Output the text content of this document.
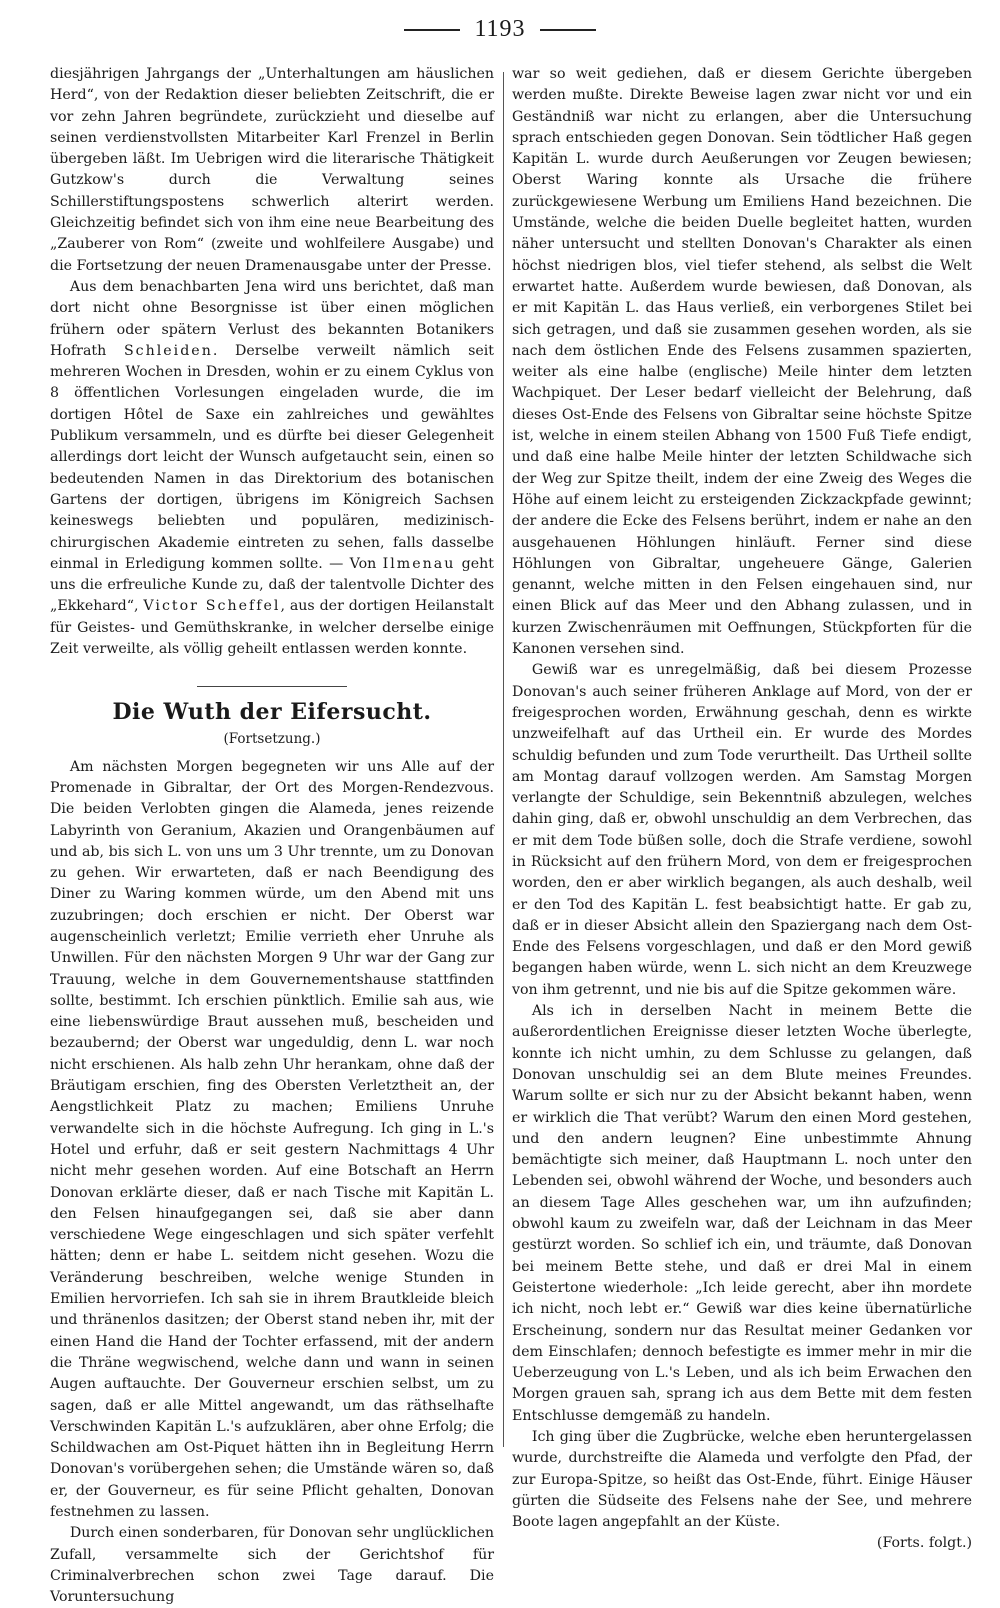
1193

diesjährigen Jahrgangs der „Unterhaltungen am häuslichen Herd“, von der Redaktion dieser beliebten Zeitschrift, die er vor zehn Jahren begründete, zurückzieht und dieselbe auf seinen verdienstvollsten Mitarbeiter Karl Frenzel in Berlin übergeben läßt. Im Uebrigen wird die literarische Thätigkeit Gutzkow's durch die Verwaltung seines Schillerstiftungspostens schwerlich alterirt werden. Gleichzeitig befindet sich von ihm eine neue Bearbeitung des „Zauberer von Rom“ (zweite und wohlfeilere Ausgabe) und die Fortsetzung der neuen Dramenausgabe unter der Presse.

Aus dem benachbarten Jena wird uns berichtet, daß man dort nicht ohne Besorgnisse ist über einen möglichen frühern oder spätern Verlust des bekannten Botanikers Hofrath Schleiden. Derselbe verweilt nämlich seit mehreren Wochen in Dresden, wohin er zu einem Cyklus von 8 öffentlichen Vorlesungen eingeladen wurde, die im dortigen Hôtel de Saxe ein zahlreiches und gewähltes Publikum versammeln, und es dürfte bei dieser Gelegenheit allerdings dort leicht der Wunsch aufgetaucht sein, einen so bedeutenden Namen in das Direktorium des botanischen Gartens der dortigen, übrigens im Königreich Sachsen keineswegs beliebten und populären, medizinisch-chirurgischen Akademie eintreten zu sehen, falls dasselbe einmal in Erledigung kommen sollte. — Von Ilmenau geht uns die erfreuliche Kunde zu, daß der talentvolle Dichter des „Ekkehard“, Victor Scheffel, aus der dortigen Heilanstalt für Geistes- und Gemüthskranke, in welcher derselbe einige Zeit verweilte, als völlig geheilt entlassen werden konnte.

Die Wuth der Eifersucht.
(Fortsetzung.)

Am nächsten Morgen begegneten wir uns Alle auf der Promenade in Gibraltar, der Ort des Morgen-Rendezvous. Die beiden Verlobten gingen die Alameda, jenes reizende Labyrinth von Geranium, Akazien und Orangenbäumen auf und ab, bis sich L. von uns um 3 Uhr trennte, um zu Donovan zu gehen. Wir erwarteten, daß er nach Beendigung des Diner zu Waring kommen würde, um den Abend mit uns zuzubringen; doch erschien er nicht. Der Oberst war augenscheinlich verletzt; Emilie verrieth eher Unruhe als Unwillen. Für den nächsten Morgen 9 Uhr war der Gang zur Trauung, welche in dem Gouvernementshause stattfinden sollte, bestimmt. Ich erschien pünktlich. Emilie sah aus, wie eine liebenswürdige Braut aussehen muß, bescheiden und bezaubernd; der Oberst war ungeduldig, denn L. war noch nicht erschienen. Als halb zehn Uhr herankam, ohne daß der Bräutigam erschien, fing des Obersten Verletztheit an, der Aengstlichkeit Platz zu machen; Emiliens Unruhe verwandelte sich in die höchste Aufregung. Ich ging in L.'s Hotel und erfuhr, daß er seit gestern Nachmittags 4 Uhr nicht mehr gesehen worden. Auf eine Botschaft an Herrn Donovan erklärte dieser, daß er nach Tische mit Kapitän L. den Felsen hinaufgegangen sei, daß sie aber dann verschiedene Wege eingeschlagen und sich später verfehlt hätten; denn er habe L. seitdem nicht gesehen. Wozu die Veränderung beschreiben, welche wenige Stunden in Emilien hervorriefen. Ich sah sie in ihrem Brautkleide bleich und thränenlos dasitzen; der Oberst stand neben ihr, mit der einen Hand die Hand der Tochter erfassend, mit der andern die Thräne wegwischend, welche dann und wann in seinen Augen auftauchte. Der Gouverneur erschien selbst, um zu sagen, daß er alle Mittel angewandt, um das räthselhafte Verschwinden Kapitän L.'s aufzuklären, aber ohne Erfolg; die Schildwachen am Ost-Piquet hätten ihn in Begleitung Herrn Donovan's vorübergehen sehen; die Umstände wären so, daß er, der Gouverneur, es für seine Pflicht gehalten, Donovan festnehmen zu lassen.

Durch einen sonderbaren, für Donovan sehr unglücklichen Zufall, versammelte sich der Gerichtshof für Criminalverbrechen schon zwei Tage darauf. Die Voruntersuchung

war so weit gediehen, daß er diesem Gerichte übergeben werden mußte. Direkte Beweise lagen zwar nicht vor und ein Geständniß war nicht zu erlangen, aber die Untersuchung sprach entschieden gegen Donovan. Sein tödtlicher Haß gegen Kapitän L. wurde durch Aeußerungen vor Zeugen bewiesen; Oberst Waring konnte als Ursache die frühere zurückgewiesene Werbung um Emiliens Hand bezeichnen. Die Umstände, welche die beiden Duelle begleitet hatten, wurden näher untersucht und stellten Donovan's Charakter als einen höchst niedrigen blos, viel tiefer stehend, als selbst die Welt erwartet hatte. Außerdem wurde bewiesen, daß Donovan, als er mit Kapitän L. das Haus verließ, ein verborgenes Stilet bei sich getragen, und daß sie zusammen gesehen worden, als sie nach dem östlichen Ende des Felsens zusammen spazierten, weiter als eine halbe (englische) Meile hinter dem letzten Wachpiquet. Der Leser bedarf vielleicht der Belehrung, daß dieses Ost-Ende des Felsens von Gibraltar seine höchste Spitze ist, welche in einem steilen Abhang von 1500 Fuß Tiefe endigt, und daß eine halbe Meile hinter der letzten Schildwache sich der Weg zur Spitze theilt, indem der eine Zweig des Weges die Höhe auf einem leicht zu ersteigenden Zickzackpfade gewinnt; der andere die Ecke des Felsens berührt, indem er nahe an den ausgehauenen Höhlungen hinläuft. Ferner sind diese Höhlungen von Gibraltar, ungeheuere Gänge, Galerien genannt, welche mitten in den Felsen eingehauen sind, nur einen Blick auf das Meer und den Abhang zulassen, und in kurzen Zwischenräumen mit Oeffnungen, Stückpforten für die Kanonen versehen sind.

Gewiß war es unregelmäßig, daß bei diesem Prozesse Donovan's auch seiner früheren Anklage auf Mord, von der er freigesprochen worden, Erwähnung geschah, denn es wirkte unzweifelhaft auf das Urtheil ein. Er wurde des Mordes schuldig befunden und zum Tode verurtheilt. Das Urtheil sollte am Montag darauf vollzogen werden. Am Samstag Morgen verlangte der Schuldige, sein Bekenntniß abzulegen, welches dahin ging, daß er, obwohl unschuldig an dem Verbrechen, das er mit dem Tode büßen solle, doch die Strafe verdiene, sowohl in Rücksicht auf den frühern Mord, von dem er freigesprochen worden, den er aber wirklich begangen, als auch deshalb, weil er den Tod des Kapitän L. fest beabsichtigt hatte. Er gab zu, daß er in dieser Absicht allein den Spaziergang nach dem Ost-Ende des Felsens vorgeschlagen, und daß er den Mord gewiß begangen haben würde, wenn L. sich nicht an dem Kreuzwege von ihm getrennt, und nie bis auf die Spitze gekommen wäre.

Als ich in derselben Nacht in meinem Bette die außerordentlichen Ereignisse dieser letzten Woche überlegte, konnte ich nicht umhin, zu dem Schlusse zu gelangen, daß Donovan unschuldig sei an dem Blute meines Freundes. Warum sollte er sich nur zu der Absicht bekannt haben, wenn er wirklich die That verübt? Warum den einen Mord gestehen, und den andern leugnen? Eine unbestimmte Ahnung bemächtigte sich meiner, daß Hauptmann L. noch unter den Lebenden sei, obwohl während der Woche, und besonders auch an diesem Tage Alles geschehen war, um ihn aufzufinden; obwohl kaum zu zweifeln war, daß der Leichnam in das Meer gestürzt worden. So schlief ich ein, und träumte, daß Donovan bei meinem Bette stehe, und daß er drei Mal in einem Geistertone wiederhole: „Ich leide gerecht, aber ihn mordete ich nicht, noch lebt er.“ Gewiß war dies keine übernatürliche Erscheinung, sondern nur das Resultat meiner Gedanken vor dem Einschlafen; dennoch befestigte es immer mehr in mir die Ueberzeugung von L.'s Leben, und als ich beim Erwachen den Morgen grauen sah, sprang ich aus dem Bette mit dem festen Entschlusse demgemäß zu handeln.

Ich ging über die Zugbrücke, welche eben heruntergelassen wurde, durchstreifte die Alameda und verfolgte den Pfad, der zur Europa-Spitze, so heißt das Ost-Ende, führt. Einige Häuser gürten die Südseite des Felsens nahe der See, und mehrere Boote lagen angepfahlt an der Küste.

(Forts. folgt.)
